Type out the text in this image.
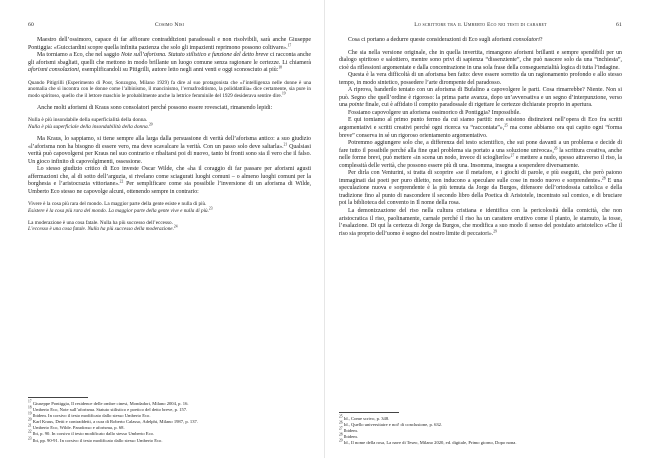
60	Cosimo Nisi

Maestro dell’ossimoro, capace di far affiorare contraddizioni paradossali e non risolvibili, sarà anche Giuseppe Pontiggia: «Guicciardini scopre quella infinita pazienza che solo gli impazienti reprimono possono coltivare».$^{17}$

Ma torniamo a Eco, che nel saggio Note sull’aforisma. Statuto stilistico e funzione del detto breve ci racconta anche gli aforismi sbagliati, quelli che mettono in modo brillante un luogo comune senza ragionare le certezze. Li chiamerà aforismi consolazioni, esemplificandoli su Pitigrilli, autore letto negli anni venti e oggi sconosciuto ai più:$^{18}$

Quando Pitigrilli (Esperimento di Poor, Sonzogno, Milano 1929) fa dire al suo protagonista che «l’intelligenza nelle donne è una anomalia che si incontra con le donne come l’albinismo, il mancinismo, l’ermafroditismo, la poliddattilia» dice certamente, sia pure in modo spiritoso, quello che il lettore maschio le probabilmente anche la lettrice femminile del 1929 desiderava sentire dire.$^{19}$

Anche molti aforismi di Kraus sono consolatori perché possono essere rovesciati, rimanendo lepidi:

Nulla è più insondabile della superficialità della donna.

Nulla è più superficiale della insondabilità della donna.$^{20}$

Ma Kraus, lo sappiamo, si tiene sempre alla larga dalla persuasione di verità dell’aforisma antico: a suo giudizio «l’aforisma non ha bisogno di essere vero, ma deve scavalcare la verità. Con un passo solo deve saltarla».$^{21}$ Qualsiasi verità può capovolgersi per Kraus nel suo contrario e ribaltarsi poi di nuovo, tanto bi fronti sono sia il vero che il falso. Un gioco infinito di capovolgimenti, ossessione.

Lo stesso giudizio critico di Eco investe Oscar Wilde, che «ha il coraggio di far passare per aforismi agusti affermazioni che, al di sotto dell’arguzia, si rivelano come sciagurati luoghi comuni – o almeno luoghi comuni per la borghesia e l’aristocrazia vittoriane».$^{22}$ Per semplificare come sia possibile l’inversione di un aforisma di Wilde, Umberto Eco stesso ne capovolge alcuni, ottenendo sempre in contrario:

Vivere è la cosa più rara del mondo. La maggior parte della gente esiste e nulla di più.

Esistere è la cosa più rara del mondo. La maggior parte della gente vive e nulla di più.$^{23}$

La moderazione è una cosa fatale. Nulla ha più successo dell’eccesso.

L’eccesso è una cosa fatale. Nulla ha più successo della moderazione.$^{24}$

$^{17}$ Giuseppe Pontiggia, Il residence delle ombre cinesi, Mondadori, Milano 2004, p. 16.

$^{18}$ Umberto Eco, Note sull’aforisma. Statuto stilistico e poetico del detto breve, p. 157.

$^{19}$ Ibidem. In corsivo il testo modificato dallo stesso Umberto Eco.

$^{20}$ Karl Kraus, Detti e contraddetti, a cura di Roberto Calasso, Adelphi, Milano 1987, p. 137.

$^{21}$ Umberto Eco, Wilde. Paradosso e aforisma, p. 68.

$^{22}$ Ibi, p. 90. In corsivo il testo modificato dallo stesso Umberto Eco.

$^{23}$ Ibi, pp. 90-91. In corsivo il testo modificato dallo stesso Umberto Eco.

Lo scrittore tra il Umberto Eco nei testi di cabaret	61

Cosa ci portano a dedurre queste considerazioni di Eco sugli aforismi consolatori?

Che sia nella versione originale, che in quella invertita, rimangono aforismi brillanti e sempre spendibili per un dialogo spiritoso e salottiero, mentre sono privi di sapienza “dissenziente”, che può nascere solo da una “inchiesta”, cioè da riflessioni argomentate e dalla concentrazione in una sola frase della conseguenzialità logica di tutta l’indagine.

Questa è la vera difficoltà di un aforisma ben fatto: deve essere sorretto da un ragionamento profondo e allo stesso tempo, in modo sintetico, possedere l’arte dirompente del paradosso.

A riprova, banderilo tentato con un aforisma di Bufalino a capovolgere le parti. Cosa rimarrebbe? Niente. Non si può. Segno che quell’ordine è rigoroso: la prima parte avanza, dopo un’avversativa e un segno d’interpunzione, verso una pointe finale, cui è affidato il compito paradossale di rigettare le certezze dichiarate proprio in apertura.

Fossiamo capovolgere un aforisma ossimorico di Pontiggia? Impossibile.

E qui torniamo al primo punto fermo da cui siamo partiti: non esistono distinzioni nell’opera di Eco fra scritti argomentativi e scritti creativi perché ogni ricerca va “raccontata”»,$^{25}$ ma come abbiamo ora qui capito ogni “forma breve” conserva in sé un rigoroso orientamento argomentativo.

Potremmo aggiungere solo che, a differenza del testo scientifico, che sui pone davanti a un problema e decide di fare tutto il possibile perché alla fine quel problema sia portato a una soluzione univoca»,$^{26}$ la scrittura creativa, anche nelle forme brevi, può mettere «in scena un nodo, invece di scioglierlo»$^{27}$ e mettere a nudo, spesso attraverso il riso, la complessità delle verità, che possono essere più di una. Insomma, insegna a sospendere diversamente.

Per dirla con Venturini, si tratta di scoprire «se il metafore, e i giochi di parole, e più eseguiti, che però paiono immaginati dai poeti per puro diletto, non inducono a speculare sulle cose in modo nuovo e sorprendente».$^{28}$ E una speculazione nuova e sorprendente è la più temuta da Jorge da Burgos, difensore dell’ortodossia cattolica e della tradizione fino al punto di nascondere il secondo libro della Poetica di Aristotele, incentrato sul comico, e di bruciare poi la biblioteca del convento in Il nome della rosa.

La demonizzazione del riso nella cultura cristiana e identifica con la pericolosità della comicità, che non aristocratica il riso, paolinamente, carnale perché il riso ha un carattere eruttivo come il pianto, le starnuto, la tosse, l’esalazione. Di qui la certezza di Jorge da Burgos, che modifica a suo modo il senso del postulato aristotelico «Che il riso sia proprio dell’uomo è segno del nostro limite di peccatori».$^{29}$

$^{25}$ Id., Come scrivo, p. 348.

$^{26}$ Id., Quello universitaire e noi! di conclusione, p. 632.

$^{27}$ Ibidem.

$^{28}$ Ibidem.

$^{29}$ Id., Il nome della rosa, La nave di Teseo, Milano 2020, ed. digitale, Primo giorno, Dopo nona.
